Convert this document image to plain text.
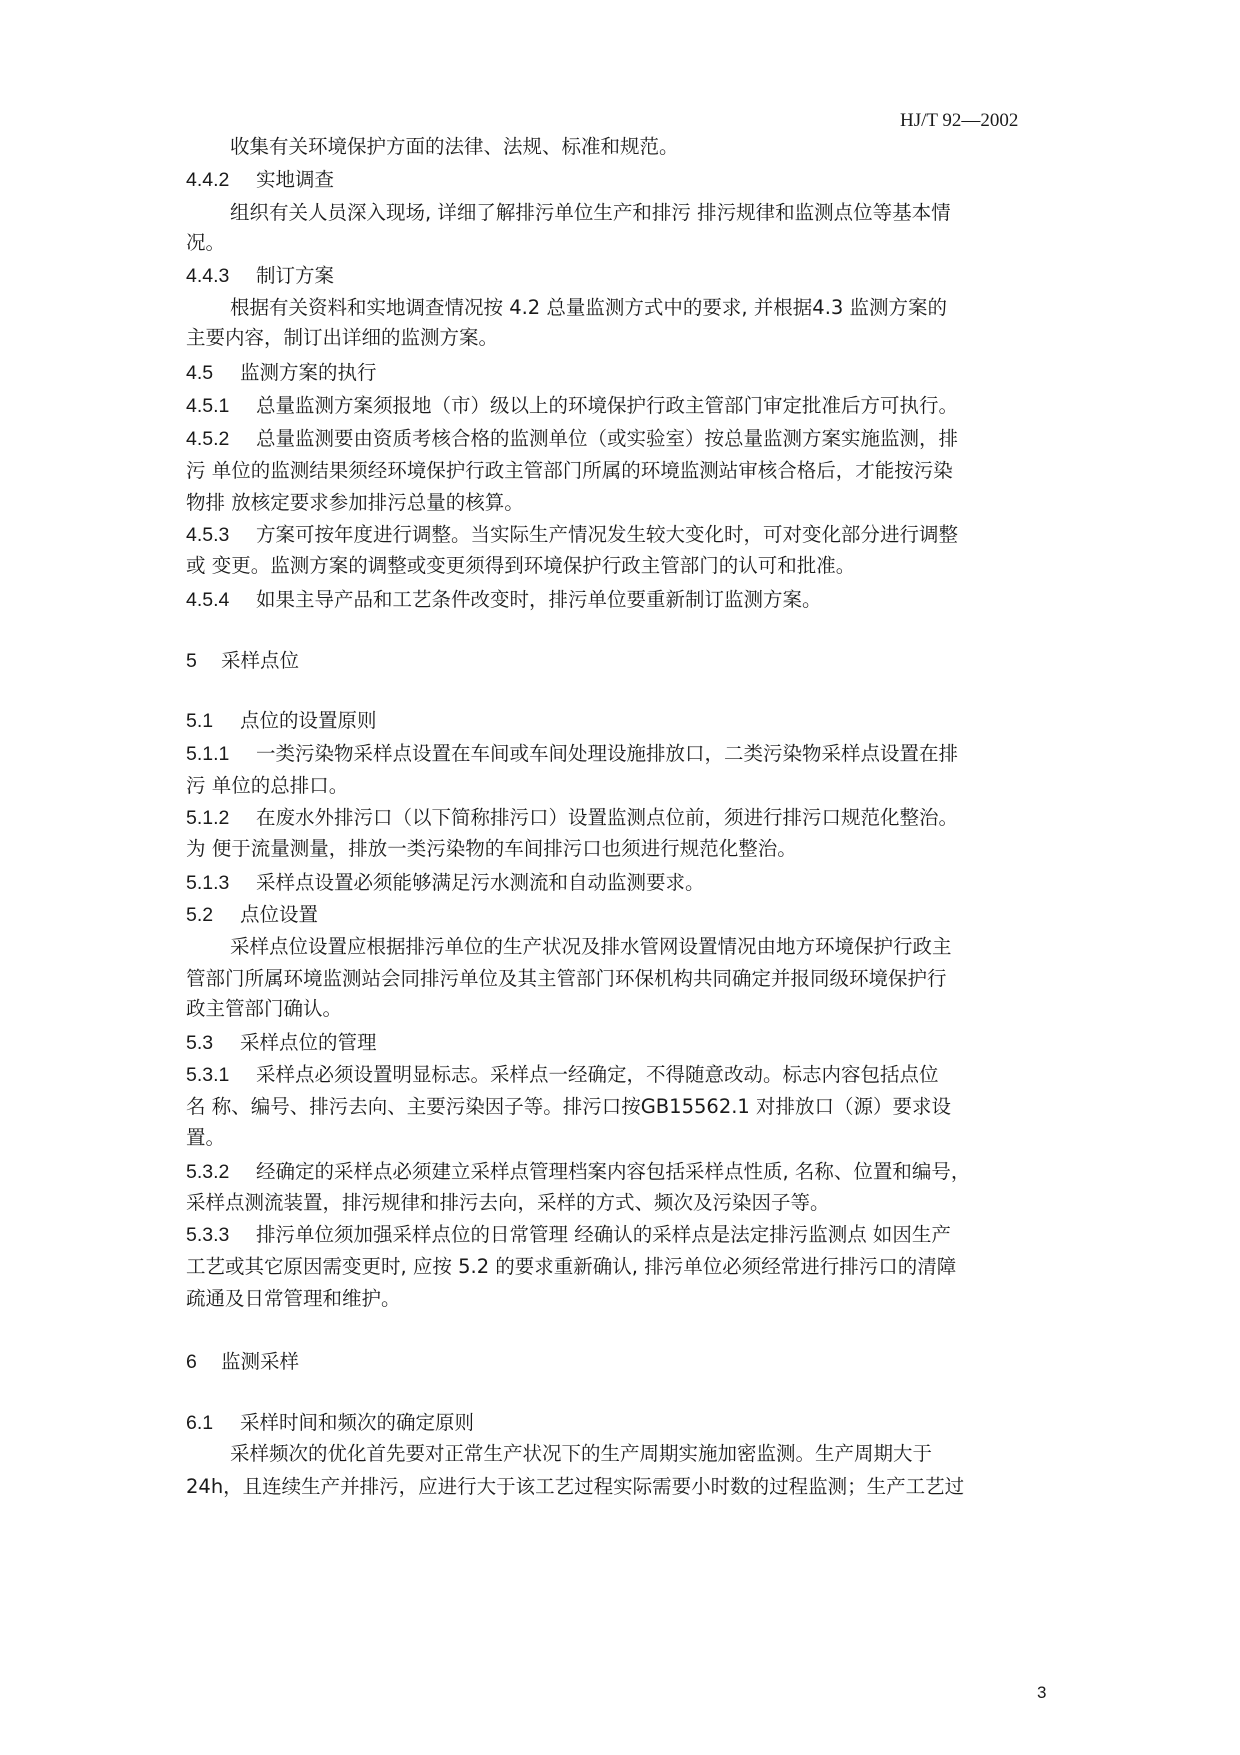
HJ/T 92—2002
收集有关环境保护方面的法律、法规、标准和规范。
4.4.2 实地调查
组织有关人员深入现场, 详细了解排污单位生产和排污 排污规律和监测点位等基本情
况。
4.4.3 制订方案
根据有关资料和实地调查情况按 4.2 总量监测方式中的要求, 并根据4.3 监测方案的
主要内容，制订出详细的监测方案。
4.5 监测方案的执行
4.5.1 总量监测方案须报地（市）级以上的环境保护行政主管部门审定批准后方可执行。
4.5.2 总量监测要由资质考核合格的监测单位（或实验室）按总量监测方案实施监测，排
污 单位的监测结果须经环境保护行政主管部门所属的环境监测站审核合格后，才能按污染
物排 放核定要求参加排污总量的核算。
4.5.3 方案可按年度进行调整。当实际生产情况发生较大变化时，可对变化部分进行调整
或 变更。监测方案的调整或变更须得到环境保护行政主管部门的认可和批准。
4.5.4 如果主导产品和工艺条件改变时，排污单位要重新制订监测方案。
5 采样点位
5.1 点位的设置原则
5.1.1 一类污染物采样点设置在车间或车间处理设施排放口，二类污染物采样点设置在排
污 单位的总排口。
5.1.2 在废水外排污口（以下简称排污口）设置监测点位前，须进行排污口规范化整治。
为 便于流量测量，排放一类污染物的车间排污口也须进行规范化整治。
5.1.3 采样点设置必须能够满足污水测流和自动监测要求。
5.2 点位设置
采样点位设置应根据排污单位的生产状况及排水管网设置情况由地方环境保护行政主
管部门所属环境监测站会同排污单位及其主管部门环保机构共同确定并报同级环境保护行
政主管部门确认。
5.3 采样点位的管理
5.3.1 采样点必须设置明显标志。采样点一经确定，不得随意改动。标志内容包括点位
名 称、编号、排污去向、主要污染因子等。排污口按GB15562.1 对排放口（源）要求设
置。
5.3.2 经确定的采样点必须建立采样点管理档案内容包括采样点性质, 名称、位置和编号，
采样点测流装置，排污规律和排污去向，采样的方式、频次及污染因子等。
5.3.3 排污单位须加强采样点位的日常管理 经确认的采样点是法定排污监测点 如因生产
工艺或其它原因需变更时, 应按 5.2 的要求重新确认, 排污单位必须经常进行排污口的清障
疏通及日常管理和维护。
6 监测采样
6.1 采样时间和频次的确定原则
采样频次的优化首先要对正常生产状况下的生产周期实施加密监测。生产周期大于
24h，且连续生产并排污，应进行大于该工艺过程实际需要小时数的过程监测；生产工艺过
3
